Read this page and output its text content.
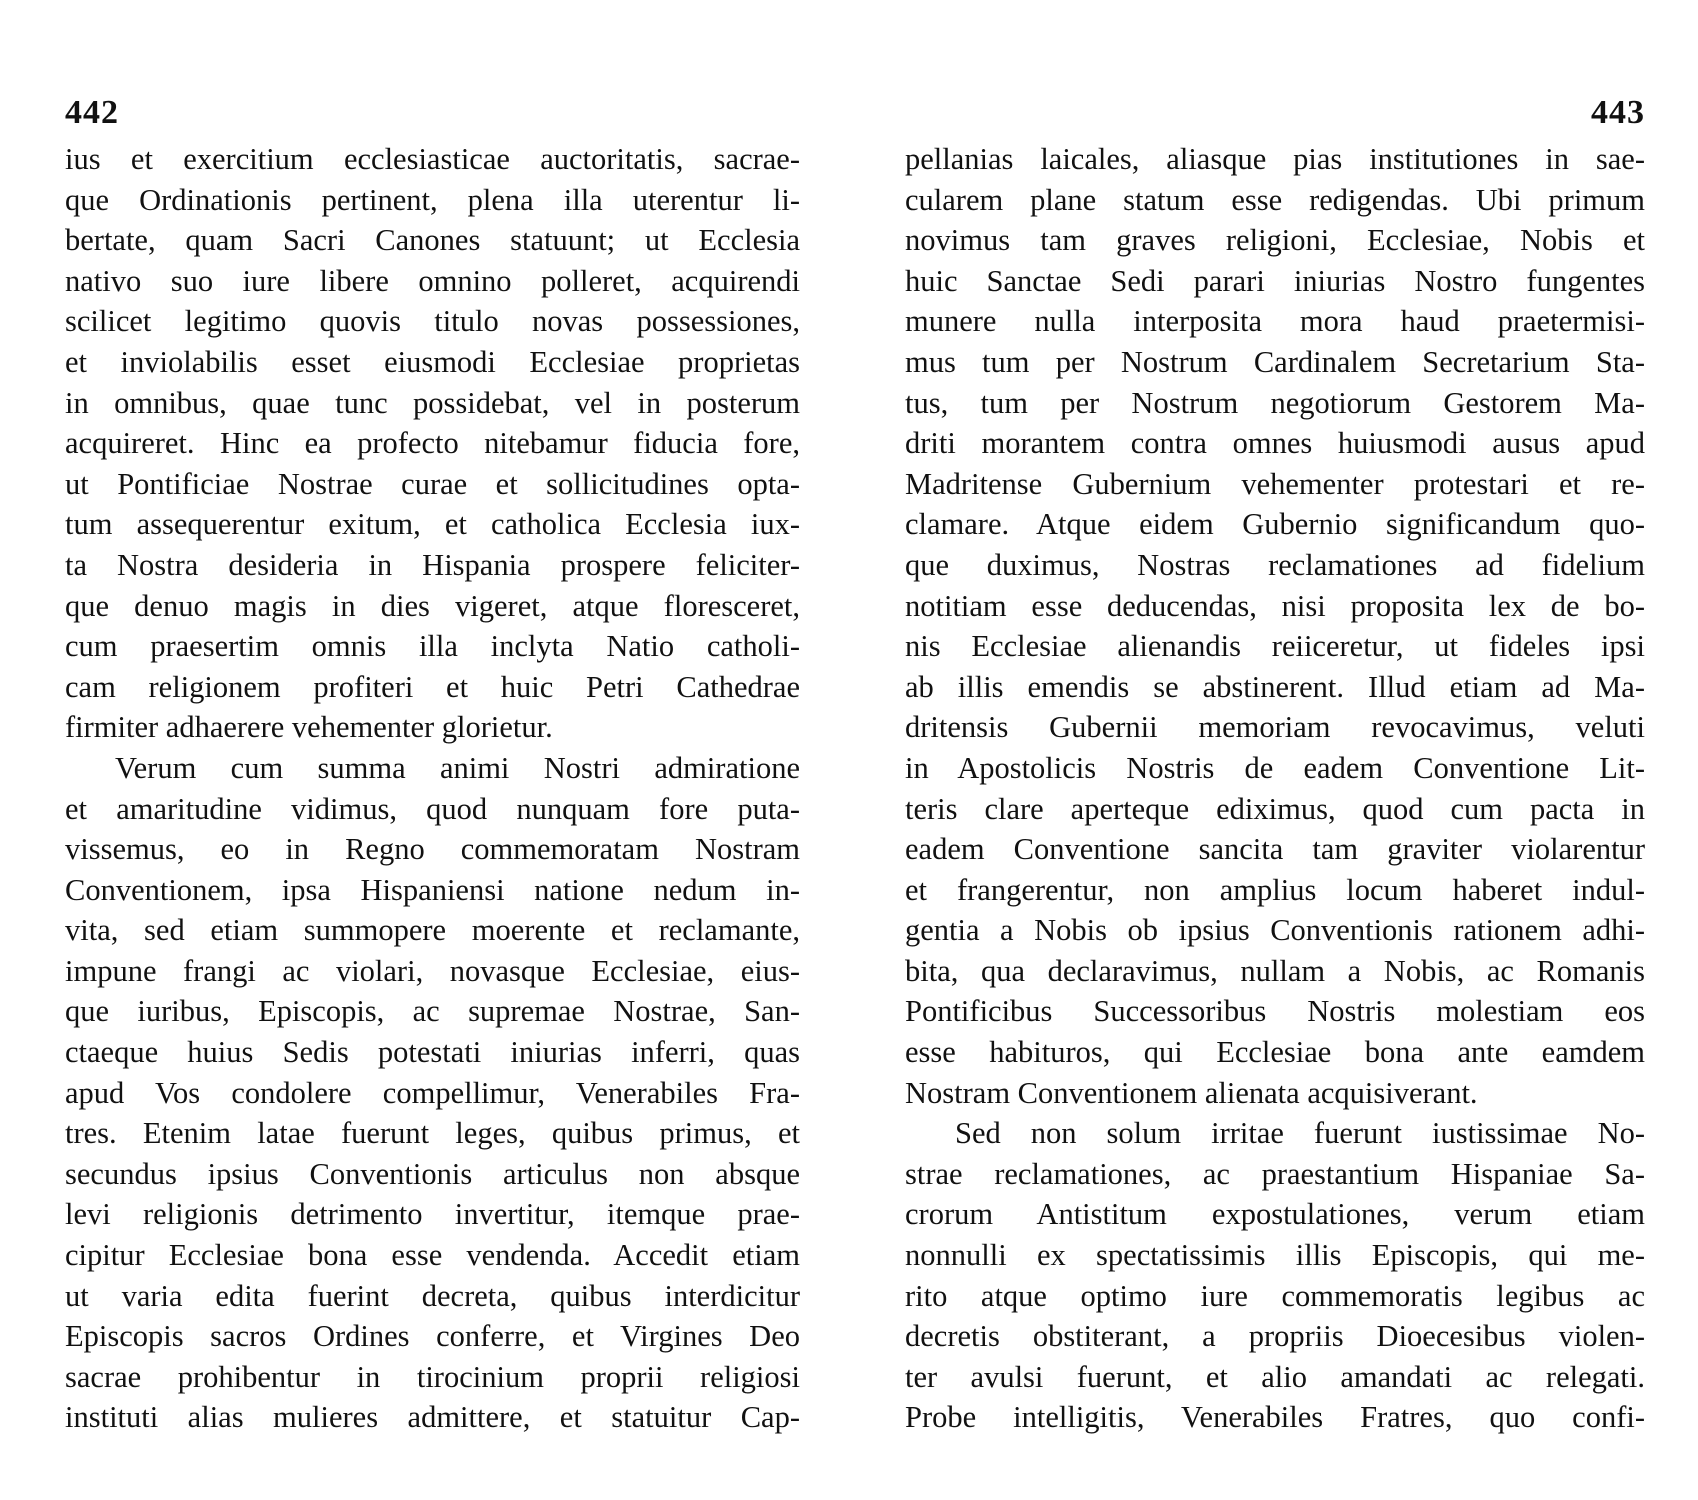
442
ius et exercitium ecclesiasticae auctoritatis, sacrae-
que Ordinationis pertinent, plena illa uterentur li-
bertate, quam Sacri Canones statuunt; ut Ecclesia
nativo suo iure libere omnino polleret, acquirendi
scilicet legitimo quovis titulo novas possessiones,
et inviolabilis esset eiusmodi Ecclesiae proprietas
in omnibus, quae tunc possidebat, vel in posterum
acquireret. Hinc ea profecto nitebamur fiducia fore,
ut Pontificiae Nostrae curae et sollicitudines opta-
tum assequerentur exitum, et catholica Ecclesia iux-
ta Nostra desideria in Hispania prospere feliciter-
que denuo magis in dies vigeret, atque floresceret,
cum praesertim omnis illa inclyta Natio catholi-
cam religionem profiteri et huic Petri Cathedrae
firmiter adhaerere vehementer glorietur.
Verum cum summa animi Nostri admiratione
et amaritudine vidimus, quod nunquam fore puta-
vissemus, eo in Regno commemoratam Nostram
Conventionem, ipsa Hispaniensi natione nedum in-
vita, sed etiam summopere moerente et reclamante,
impune frangi ac violari, novasque Ecclesiae, eius-
que iuribus, Episcopis, ac supremae Nostrae, San-
ctaeque huius Sedis potestati iniurias inferri, quas
apud Vos condolere compellimur, Venerabiles Fra-
tres. Etenim latae fuerunt leges, quibus primus, et
secundus ipsius Conventionis articulus non absque
levi religionis detrimento invertitur, itemque prae-
cipitur Ecclesiae bona esse vendenda. Accedit etiam
ut varia edita fuerint decreta, quibus interdicitur
Episcopis sacros Ordines conferre, et Virgines Deo
sacrae prohibentur in tirocinium proprii religiosi
instituti alias mulieres admittere, et statuitur Cap-
443
pellanias laicales, aliasque pias institutiones in sae-
cularem plane statum esse redigendas. Ubi primum
novimus tam graves religioni, Ecclesiae, Nobis et
huic Sanctae Sedi parari iniurias Nostro fungentes
munere nulla interposita mora haud praetermisi-
mus tum per Nostrum Cardinalem Secretarium Sta-
tus, tum per Nostrum negotiorum Gestorem Ma-
driti morantem contra omnes huiusmodi ausus apud
Madritense Gubernium vehementer protestari et re-
clamare. Atque eidem Gubernio significandum quo-
que duximus, Nostras reclamationes ad fidelium
notitiam esse deducendas, nisi proposita lex de bo-
nis Ecclesiae alienandis reiiceretur, ut fideles ipsi
ab illis emendis se abstinerent. Illud etiam ad Ma-
dritensis Gubernii memoriam revocavimus, veluti
in Apostolicis Nostris de eadem Conventione Lit-
teris clare aperteque ediximus, quod cum pacta in
eadem Conventione sancita tam graviter violarentur
et frangerentur, non amplius locum haberet indul-
gentia a Nobis ob ipsius Conventionis rationem adhi-
bita, qua declaravimus, nullam a Nobis, ac Romanis
Pontificibus Successoribus Nostris molestiam eos
esse habituros, qui Ecclesiae bona ante eamdem
Nostram Conventionem alienata acquisiverant.
Sed non solum irritae fuerunt iustissimae No-
strae reclamationes, ac praestantium Hispaniae Sa-
crorum Antistitum expostulationes, verum etiam
nonnulli ex spectatissimis illis Episcopis, qui me-
rito atque optimo iure commemoratis legibus ac
decretis obstiterant, a propriis Dioecesibus violen-
ter avulsi fuerunt, et alio amandati ac relegati.
Probe intelligitis, Venerabiles Fratres, quo confi-
